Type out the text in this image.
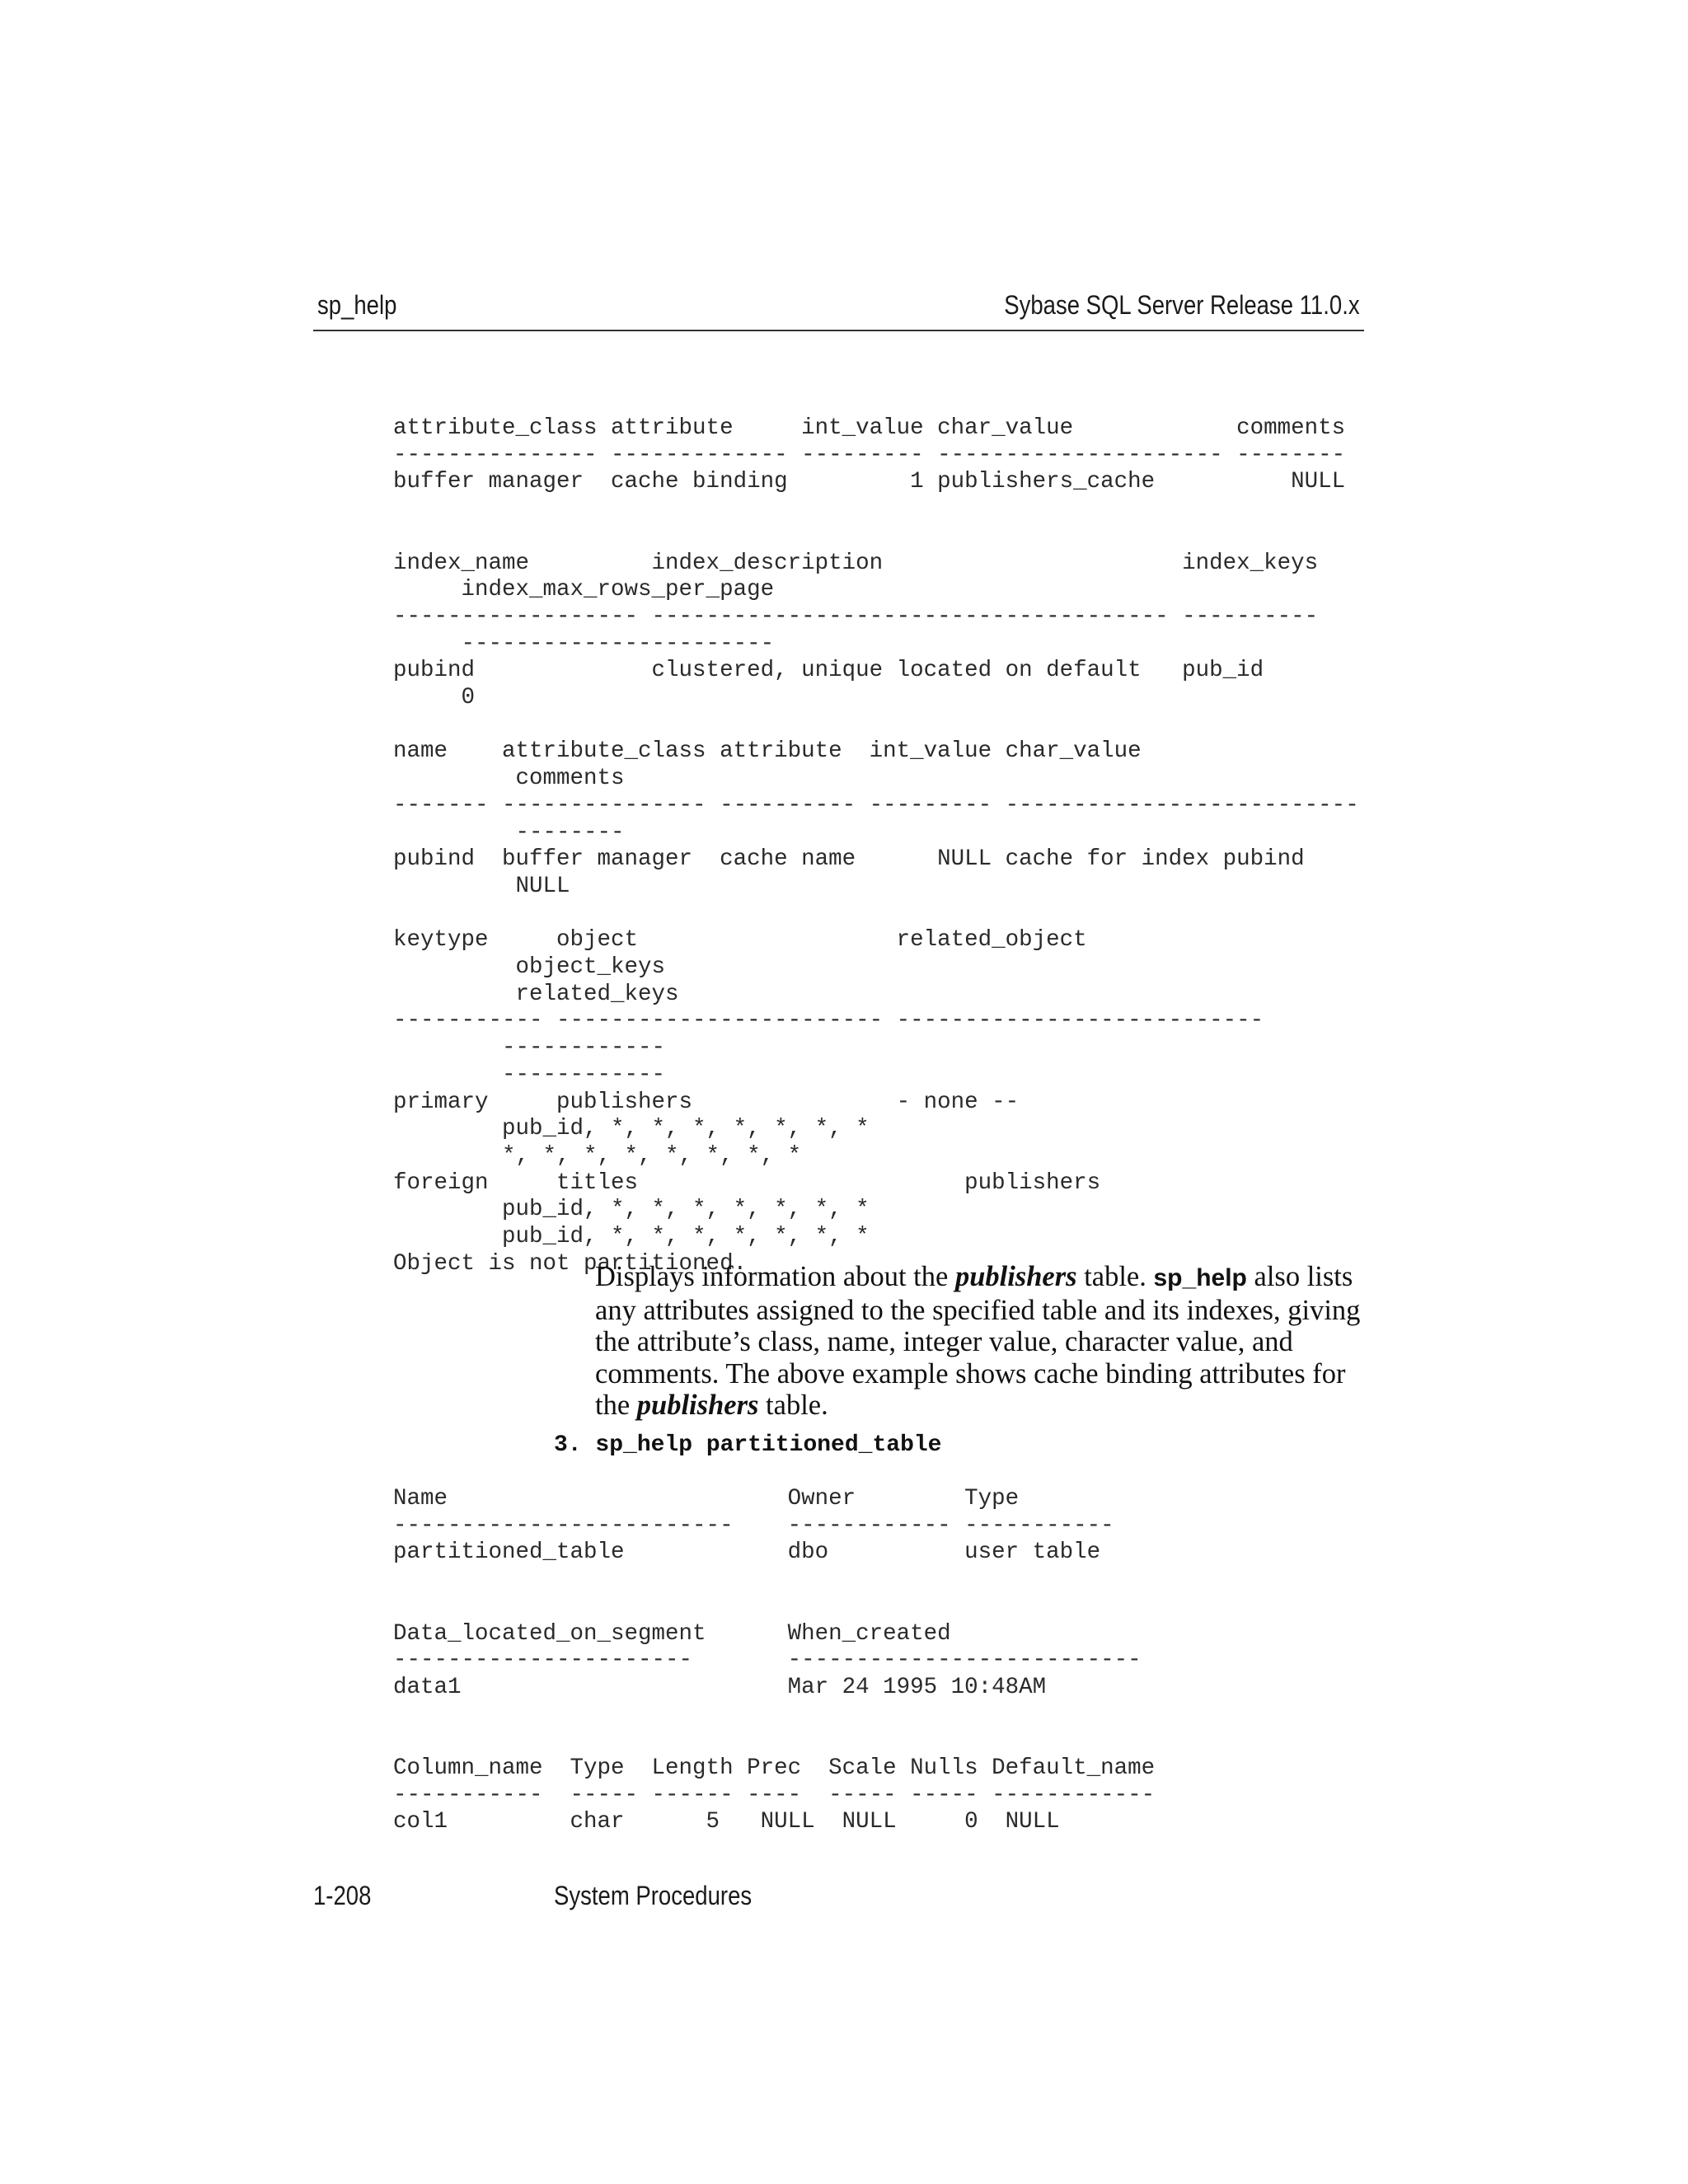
sp_help	Sybase SQL Server Release 11.0.x
attribute_class attribute     int_value char_value            comments
--------------- ------------- --------- --------------------- --------
buffer manager  cache binding         1 publishers_cache          NULL

index_name         index_description                      index_keys
index_max_rows_per_page
------------------ -------------------------------------- ----------
-----------------------
pubind             clustered, unique located on default   pub_id
0

name    attribute_class attribute  int_value char_value
comments
------- --------------- ---------- --------- --------------------------
--------
pubind  buffer manager  cache name      NULL cache for index pubind
NULL

keytype     object                   related_object
object_keys
related_keys
----------- ------------------------ ---------------------------
------------
------------
primary     publishers               - none --
pub_id, *, *, *, *, *, *, *
*, *, *, *, *, *, *, *
foreign     titles                        publishers
pub_id, *, *, *, *, *, *, *
pub_id, *, *, *, *, *, *, *
Object is not partitioned.

Displays information about the publishers table. sp_help also lists any attributes assigned to the specified table and its indexes, giving the attribute’s class, name, integer value, character value, and comments. The above example shows cache binding attributes for the publishers table.

3. sp_help partitioned_table
Name                         Owner        Type
-------------------------    ------------ -----------
partitioned_table            dbo          user table

Data_located_on_segment      When_created
----------------------       --------------------------
data1                        Mar 24 1995 10:48AM

Column_name  Type  Length Prec  Scale Nulls Default_name
-----------  ----- ------ ----  ----- ----- ------------
col1         char      5   NULL  NULL     0  NULL
1-208	System Procedures
